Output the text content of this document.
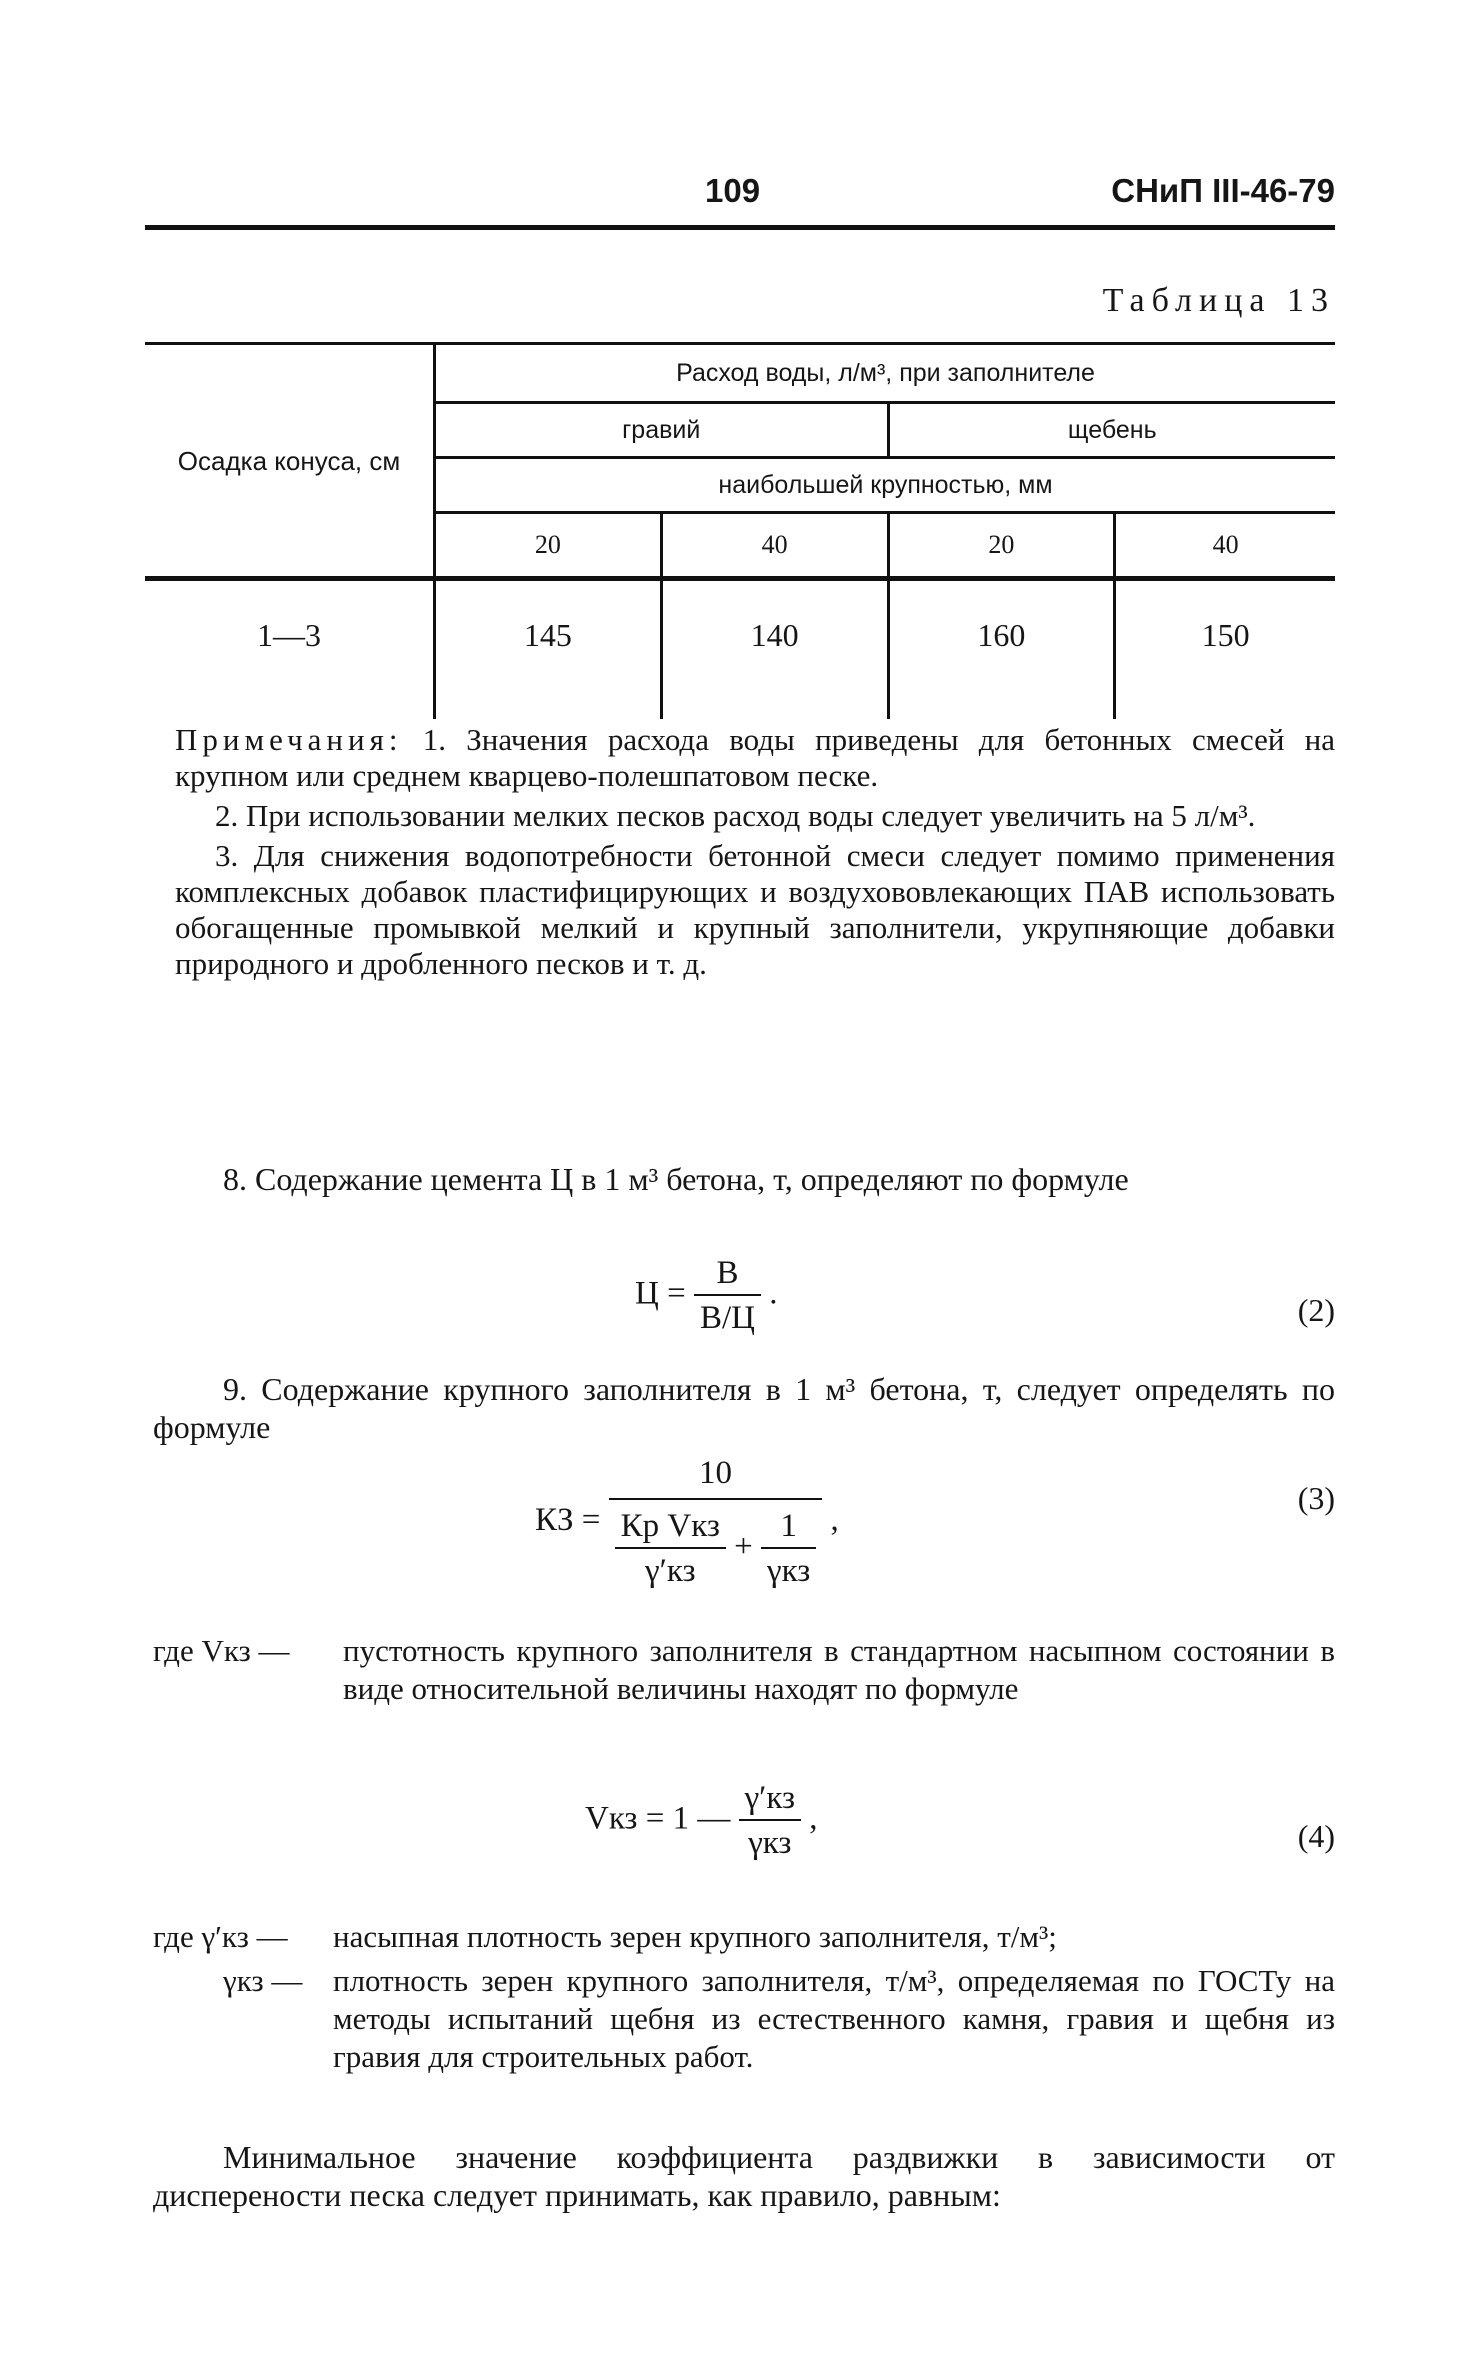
109	СНиП III-46-79
Таблица 13
Осадка конуса, см	Расход воды, л/м³, при заполнителе			
	гравий		щебень	
	наибольшей крупностью, мм			
	20	40	20	40
1—3	145	140	160	150

Примечания: 1. Значения расхода воды приведены для бетонных смесей на крупном или среднем кварцево-полешпатовом песке.

2. При использовании мелких песков расход воды следует увеличить на 5 л/м³.

3. Для снижения водопотребности бетонной смеси следует помимо применения комплексных добавок пластифицирующих и воздухововлекающих ПАВ использовать обогащенные промывкой мелкий и крупный заполнители, укрупняющие добавки природного и дробленного песков и т. д.

8. Содержание цемента Ц в 1 м³ бетона, т, определяют по формуле
$Ц = \frac{В}{В/Ц}$ .	(2)
9. Содержание крупного заполнителя в 1 м³ бетона, т, следует определять по формуле
КЗ =
10
$\frac{\text{Кр Vкз}}{\gamma'кз} + \frac{1}{\text{γкз}}$ ,
(3)
где Vкз — пустотность крупного заполнителя в стандартном насыпном состоянии в виде относительной величины находят по формуле
Vкз = 1 — $\frac{\gamma'кз}{\text{γкз}}$ ,	(4)
где γ′кз — насыпная плотность зерен крупного заполнителя, т/м³;
γкз — плотность зерен крупного заполнителя, т/м³, определяемая по ГОСТу на методы испытаний щебня из естественного камня, гравия и щебня из гравия для строительных работ.
Минимальное значение коэффициента раздвижки в зависимости от дисперености песка следует принимать, как правило, равным:
